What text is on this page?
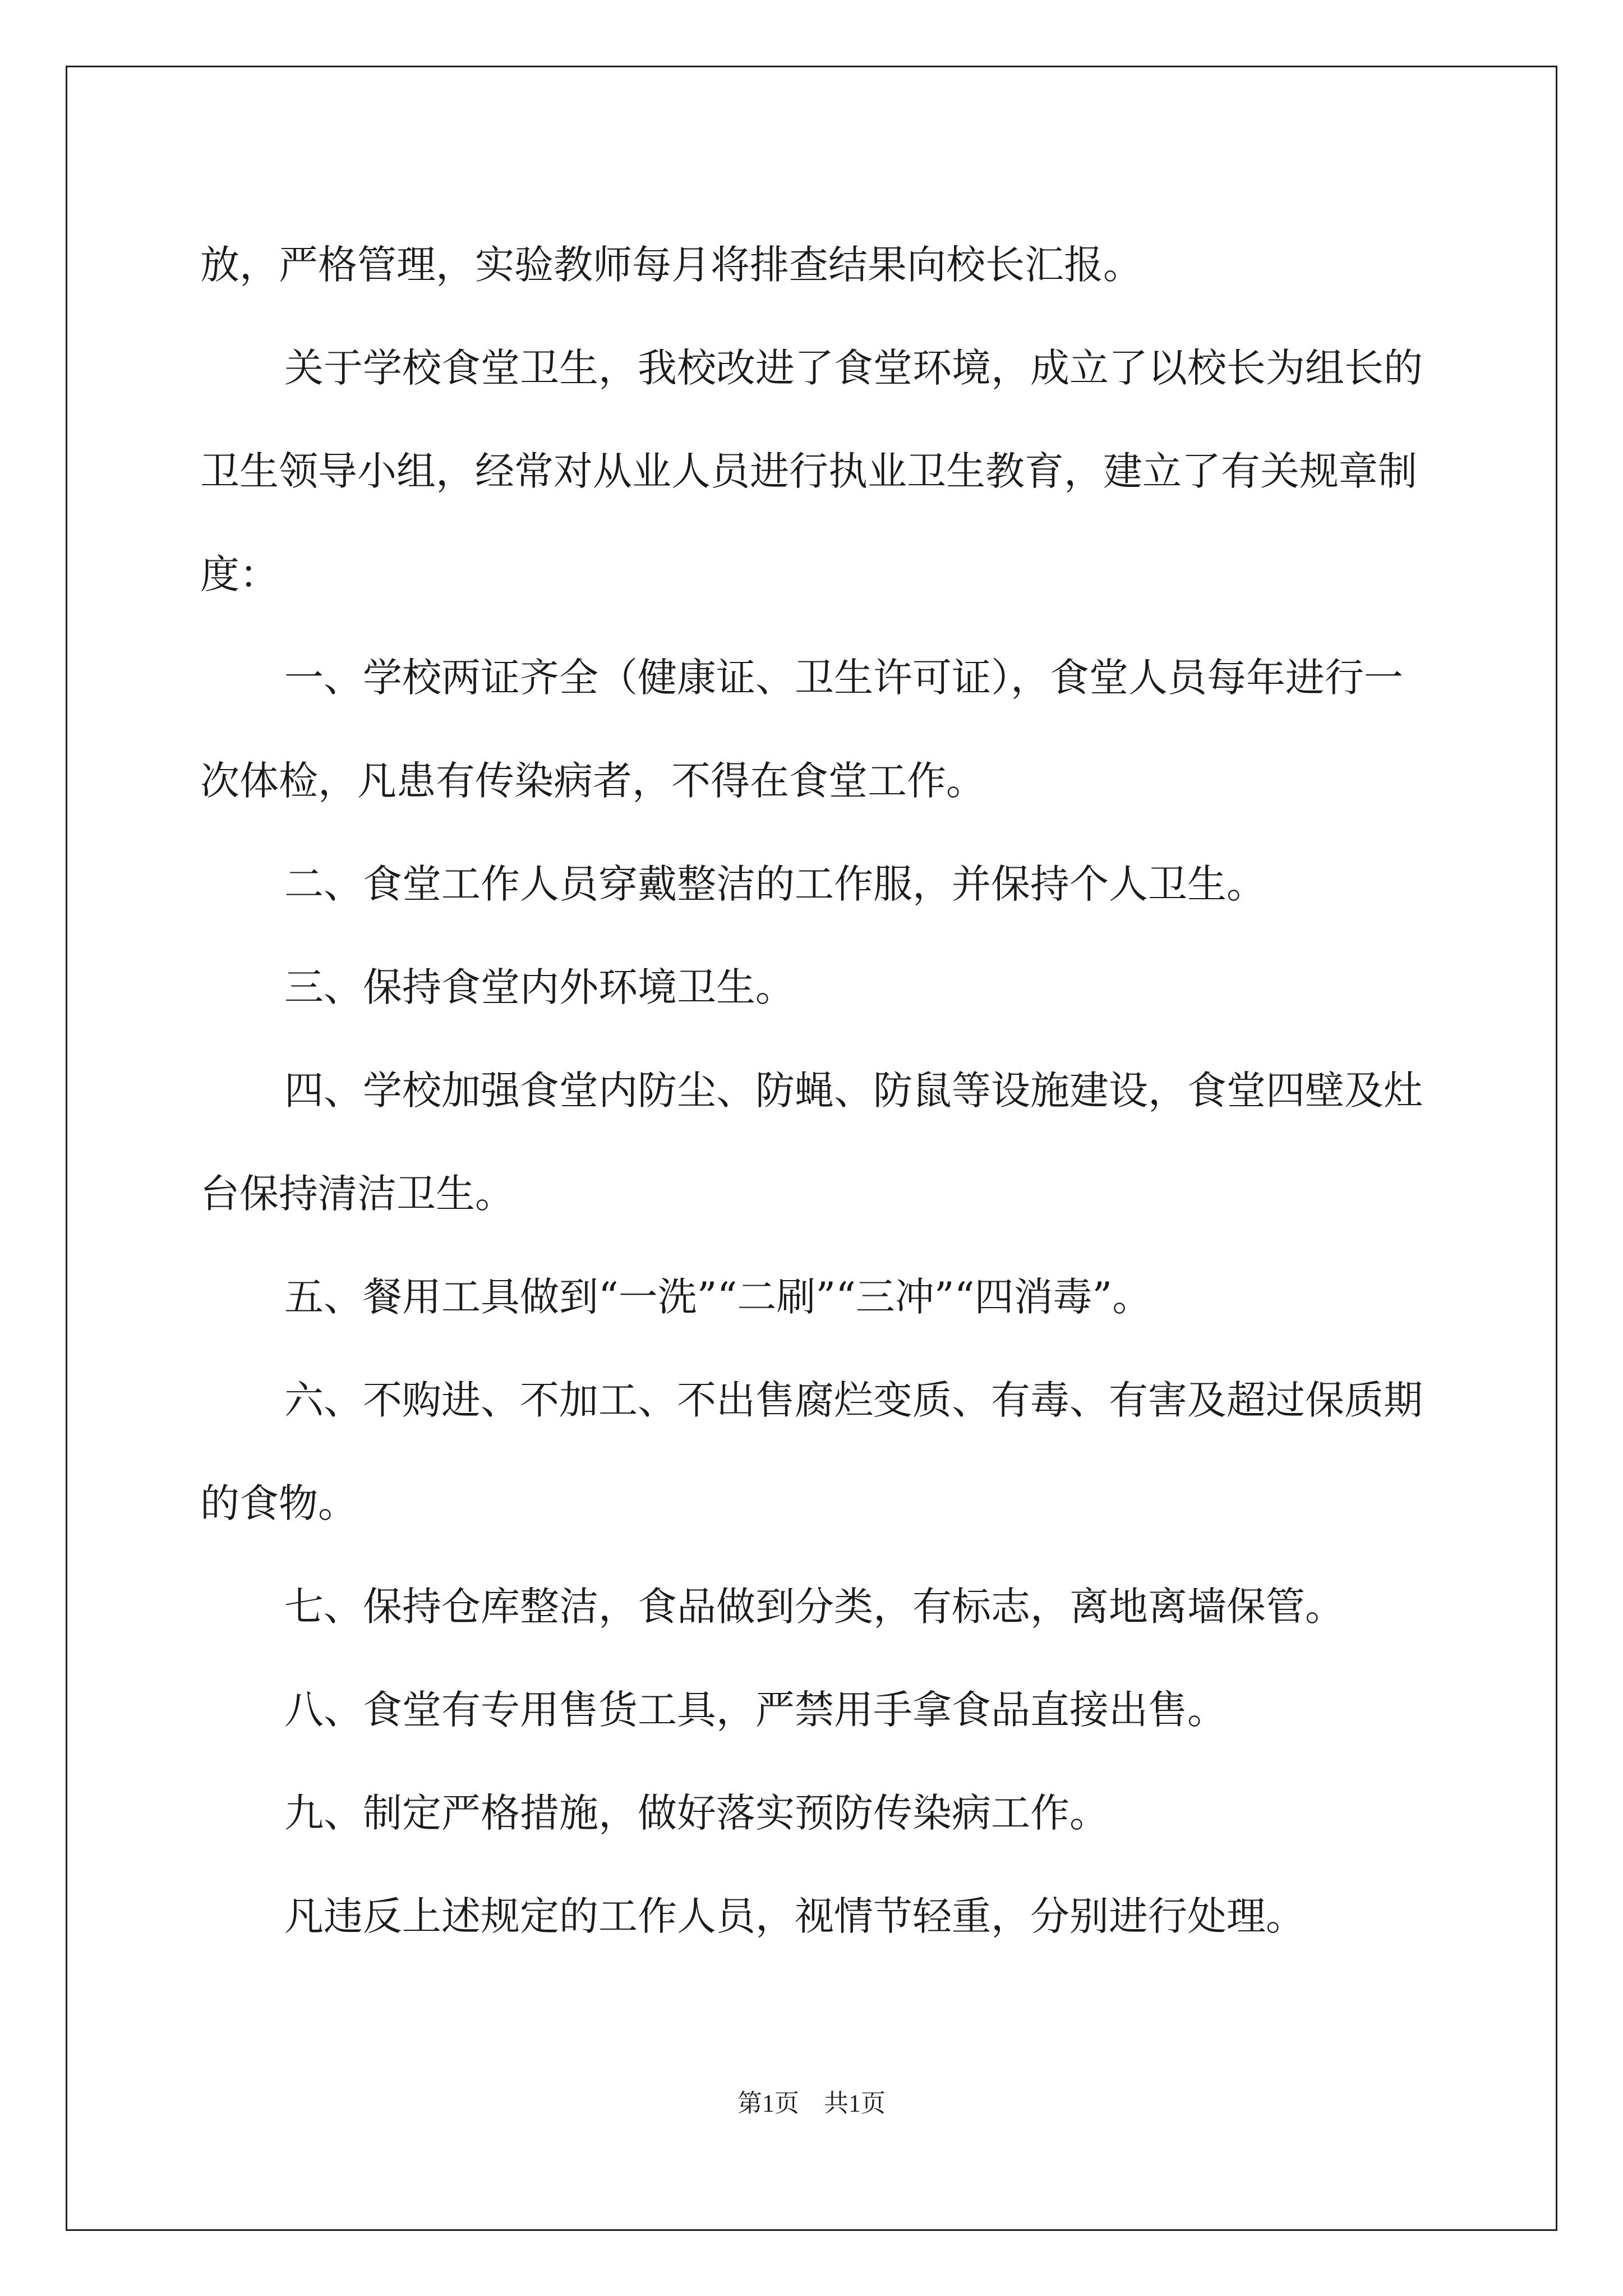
放，严格管理，实验教师每月将排查结果向校长汇报。

关于学校食堂卫生，我校改进了食堂环境，成立了以校长为组长的卫生领导小组，经常对从业人员进行执业卫生教育，建立了有关规章制度：

一、学校两证齐全（健康证、卫生许可证），食堂人员每年进行一次体检，凡患有传染病者，不得在食堂工作。

二、食堂工作人员穿戴整洁的工作服，并保持个人卫生。

三、保持食堂内外环境卫生。

四、学校加强食堂内防尘、防蝇、防鼠等设施建设，食堂四壁及灶台保持清洁卫生。

五、餐用工具做到“一洗”“二刷”“三冲”“四消毒”。

六、不购进、不加工、不出售腐烂变质、有毒、有害及超过保质期的食物。

七、保持仓库整洁，食品做到分类，有标志，离地离墙保管。

八、食堂有专用售货工具，严禁用手拿食品直接出售。

九、制定严格措施，做好落实预防传染病工作。

凡违反上述规定的工作人员，视情节轻重，分别进行处理。

第1页　共1页
